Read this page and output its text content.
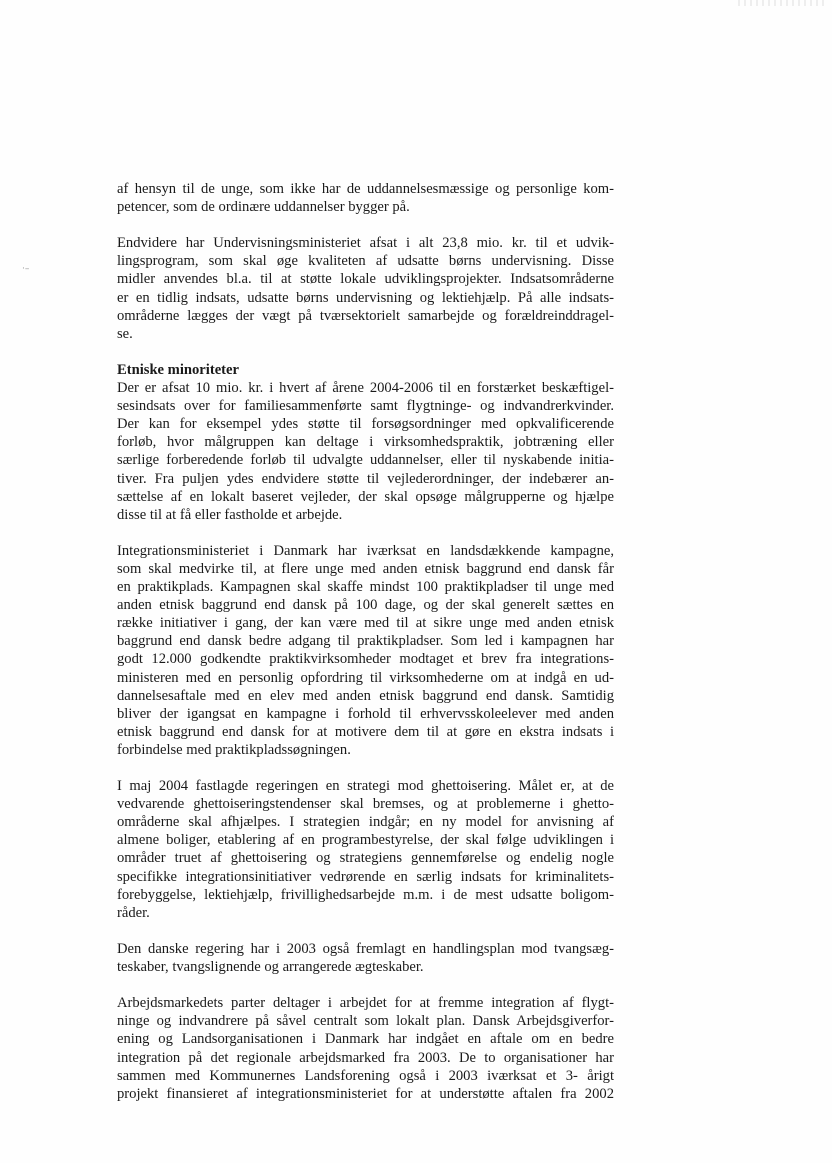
·–
af hensyn til de unge, som ikke har de uddannelsesmæssige og personlige kom-
petencer, som de ordinære uddannelser bygger på.
Endvidere har Undervisningsministeriet afsat i alt 23,8 mio. kr. til et udvik-
lingsprogram, som skal øge kvaliteten af udsatte børns undervisning. Disse
midler anvendes bl.a. til at støtte lokale udviklingsprojekter. Indsatsområderne
er en tidlig indsats, udsatte børns undervisning og lektiehjælp. På alle indsats-
områderne lægges der vægt på tværsektorielt samarbejde og forældreinddragel-
se.
Etniske minoriteter
Der er afsat 10 mio. kr. i hvert af årene 2004-2006 til en forstærket beskæftigel-
sesindsats over for familiesammenførte samt flygtninge- og indvandrerkvinder.
Der kan for eksempel ydes støtte til forsøgsordninger med opkvalificerende
forløb, hvor målgruppen kan deltage i virksomhedspraktik, jobtræning eller
særlige forberedende forløb til udvalgte uddannelser, eller til nyskabende initia-
tiver. Fra puljen ydes endvidere støtte til vejlederordninger, der indebærer an-
sættelse af en lokalt baseret vejleder, der skal opsøge målgrupperne og hjælpe
disse til at få eller fastholde et arbejde.
Integrationsministeriet i Danmark har iværksat en landsdækkende kampagne,
som skal medvirke til, at flere unge med anden etnisk baggrund end dansk får
en praktikplads. Kampagnen skal skaffe mindst 100 praktikpladser til unge med
anden etnisk baggrund end dansk på 100 dage, og der skal generelt sættes en
række initiativer i gang, der kan være med til at sikre unge med anden etnisk
baggrund end dansk bedre adgang til praktikpladser. Som led i kampagnen har
godt 12.000 godkendte praktikvirksomheder modtaget et brev fra integrations-
ministeren med en personlig opfordring til virksomhederne om at indgå en ud-
dannelsesaftale med en elev med anden etnisk baggrund end dansk. Samtidig
bliver der igangsat en kampagne i forhold til erhvervsskoleelever med anden
etnisk baggrund end dansk for at motivere dem til at gøre en ekstra indsats i
forbindelse med praktikpladssøgningen.
I maj 2004 fastlagde regeringen en strategi mod ghettoisering. Målet er, at de
vedvarende ghettoiseringstendenser skal bremses, og at problemerne i ghetto-
områderne skal afhjælpes. I strategien indgår; en ny model for anvisning af
almene boliger, etablering af en programbestyrelse, der skal følge udviklingen i
områder truet af ghettoisering og strategiens gennemførelse og endelig nogle
specifikke integrationsinitiativer vedrørende en særlig indsats for kriminalitets-
forebyggelse, lektiehjælp, frivillighedsarbejde m.m. i de mest udsatte boligom-
råder.
Den danske regering har i 2003 også fremlagt en handlingsplan mod tvangsæg-
teskaber, tvangslignende og arrangerede ægteskaber.
Arbejdsmarkedets parter deltager i arbejdet for at fremme integration af flygt-
ninge og indvandrere på såvel centralt som lokalt plan. Dansk Arbejdsgiverfor-
ening og Landsorganisationen i Danmark har indgået en aftale om en bedre
integration på det regionale arbejdsmarked fra 2003. De to organisationer har
sammen med Kommunernes Landsforening også i 2003 iværksat et 3- årigt
projekt finansieret af integrationsministeriet for at understøtte aftalen fra 2002
